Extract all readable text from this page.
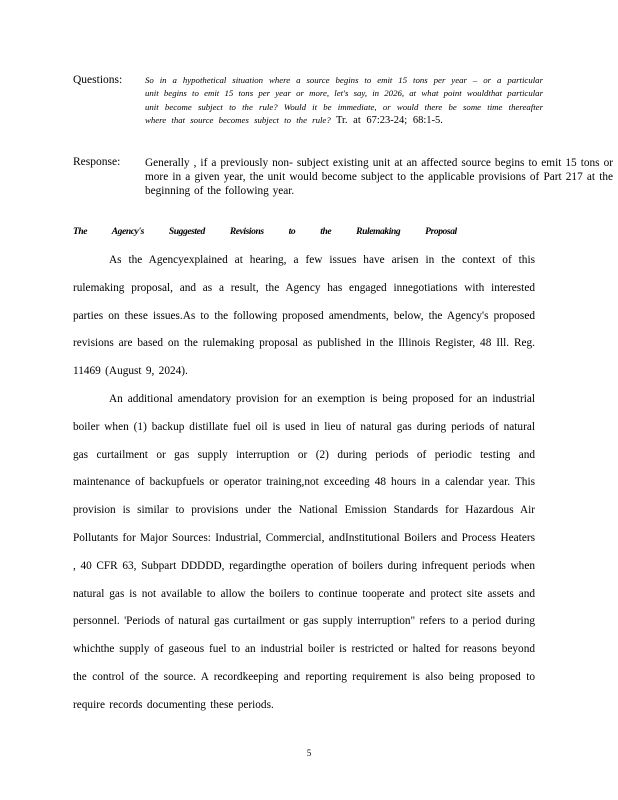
Questions:	So in a hypothetical situation where a source begins to emit 15 tons per year – or a particular unit begins to emit 15 tons per year or more, let's say, in 2026, at what point wouldthat particular unit become subject to the rule? Would it be immediate, or would there be some time thereafter where that source becomes subject to the rule? Tr. at 67:23-24; 68:1-5.
Response: Generally , if a previously non- subject existing unit at an affected source begins to emit 15 tons or more in a given year, the unit would become subject to the applicable provisions of Part 217 at the beginning of the following year.
The Agency's Suggested Revisions to the Rulemaking Proposal
As the Agencyexplained at hearing, a few issues have arisen in the context of this rulemaking proposal, and as a result, the Agency has engaged innegotiations with interested parties on these issues.As to the following proposed amendments, below, the Agency's proposed revisions are based on the rulemaking proposal as published in the Illinois Register, 48 Ill. Reg. 11469 (August 9, 2024).
An additional amendatory provision for an exemption is being proposed for an industrial boiler when (1) backup distillate fuel oil is used in lieu of natural gas during periods of natural gas curtailment or gas supply interruption or (2) during periods of periodic testing and maintenance of backupfuels or operator training,not exceeding 48 hours in a calendar year. This provision is similar to provisions under the National Emission Standards for Hazardous Air Pollutants for Major Sources: Industrial, Commercial, andInstitutional Boilers and Process Heaters , 40 CFR 63, Subpart DDDDD, regardingthe operation of boilers during infrequent periods when natural gas is not available to allow the boilers to continue tooperate and protect site assets and personnel. 'Periods of natural gas curtailment or gas supply interruption" refers to a period during whichthe supply of gaseous fuel to an industrial boiler is restricted or halted for reasons beyond the control of the source. A recordkeeping and reporting requirement is also being proposed to require records documenting these periods.
5
